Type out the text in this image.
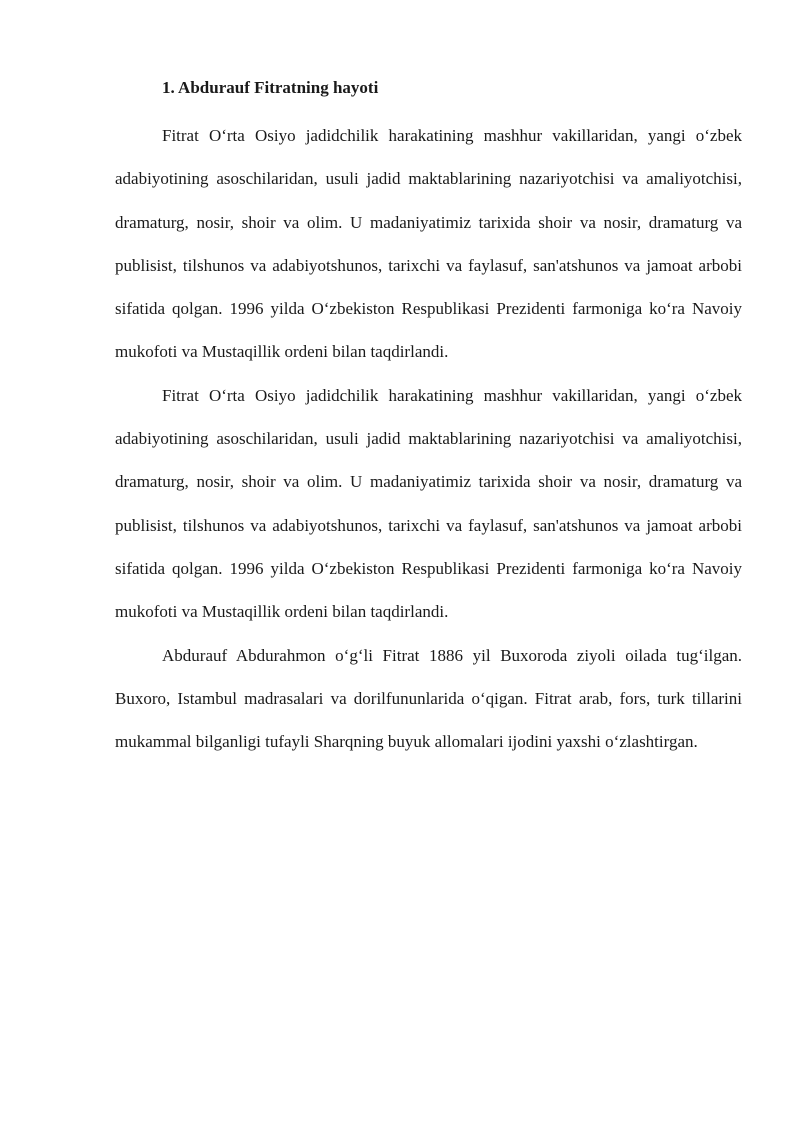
1. Abdurauf Fitratning hayoti

Fitrat O‘rta Osiyo jadidchilik harakatining mashhur vakillaridan, yangi o‘zbek adabiyotining asoschilaridan, usuli jadid maktablarining nazariyotchisi va amaliyotchisi, dramaturg, nosir, shoir va olim. U madaniyatimiz tarixida shoir va nosir, dramaturg va publisist, tilshunos va adabiyotshunos, tarixchi va faylasuf, san'atshunos va jamoat arbobi sifatida qolgan. 1996 yilda O‘zbekiston Respublikasi Prezidenti farmoniga ko‘ra Navoiy mukofoti va Mustaqillik ordeni bilan taqdirlandi.

Fitrat O‘rta Osiyo jadidchilik harakatining mashhur vakillaridan, yangi o‘zbek adabiyotining asoschilaridan, usuli jadid maktablarining nazariyotchisi va amaliyotchisi, dramaturg, nosir, shoir va olim. U madaniyatimiz tarixida shoir va nosir, dramaturg va publisist, tilshunos va adabiyotshunos, tarixchi va faylasuf, san'atshunos va jamoat arbobi sifatida qolgan. 1996 yilda O‘zbekiston Respublikasi Prezidenti farmoniga ko‘ra Navoiy mukofoti va Mustaqillik ordeni bilan taqdirlandi.

Abdurauf Abdurahmon o‘g‘li Fitrat 1886 yil Buxoroda ziyoli oilada tug‘ilgan. Buxoro, Istambul madrasalari va dorilfununlarida o‘qigan. Fitrat arab, fors, turk tillarini mukammal bilganligi tufayli Sharqning buyuk allomalari ijodini yaxshi o‘zlashtirgan.
